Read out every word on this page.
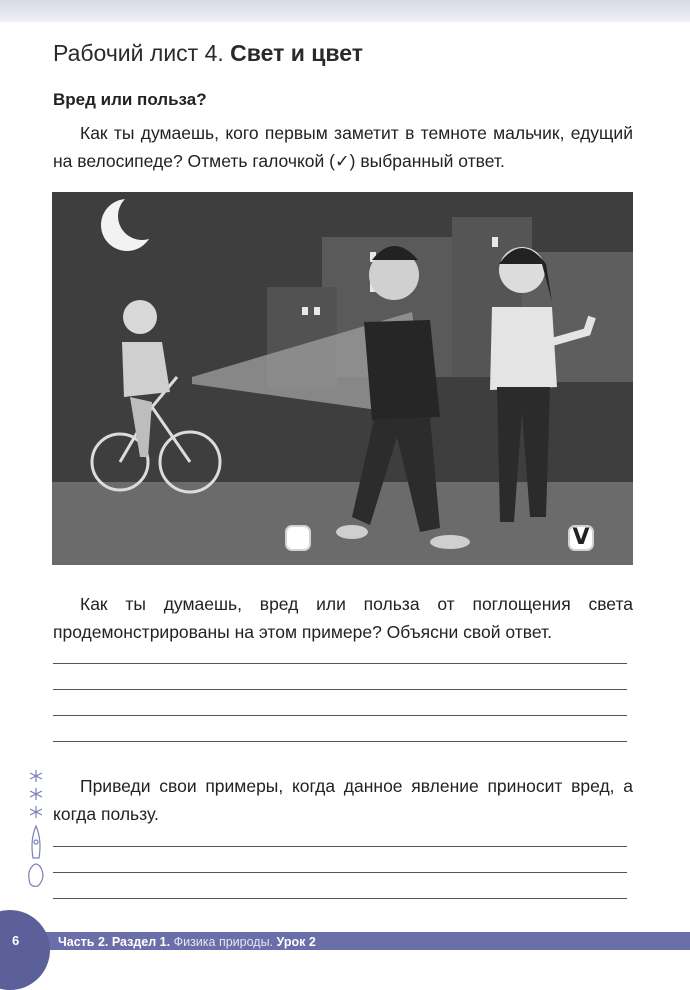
Рабочий лист 4. Свет и цвет
Вред или польза?
Как ты думаешь, кого первым заметит в темноте мальчик, едущий на велосипеде? Отметь галочкой (✓) выбранный ответ.
V
Как ты думаешь, вред или польза от поглощения света продемонстрированы на этом примере? Объясни свой ответ.
Приведи свои примеры, когда данное явление приносит вред, а когда пользу.
6	Часть 2. Раздел 1. Физика природы. Урок 2
